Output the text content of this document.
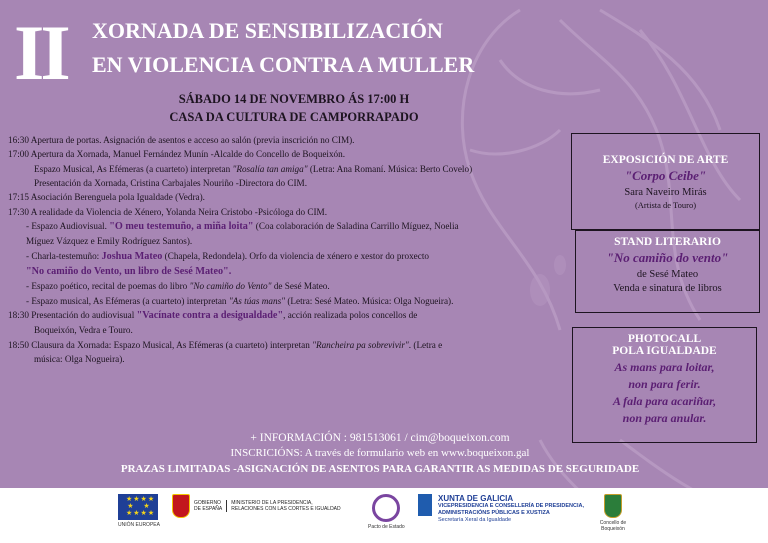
II XORNADA DE SENSIBILIZACIÓN
EN VIOLENCIA CONTRA A MULLER
SÁBADO 14 DE NOVEMBRO ÁS 17:00 H
CASA DA CULTURA DE CAMPORRAPADO
16:30 Apertura de portas. Asignación de asentos e acceso ao salón (previa inscrición no CIM).
17:00 Apertura da Xornada, Manuel Fernández Munín -Alcalde do Concello de Boqueixón.
Espazo Musical, As Efémeras (a cuarteto) interpretan "Rosalía tan amiga" (Letra: Ana Romaní. Música: Berto Covelo)
Presentación da Xornada, Cristina Carbajales Nouriño -Directora do CIM.
17:15 Asociación Berenguela pola Igualdade (Vedra).
17:30 A realidade da Violencia de Xénero, Yolanda Neira Cristobo -Psicóloga do CIM.
- Espazo Audiovisual. "O meu testemuño, a miña loita" (Coa colaboración de Saladina Carrillo Míguez, Noelia
Míguez Vázquez e Emily Rodríguez Santos).
- Charla-testemuño: Joshua Mateo (Chapela, Redondela). Orfo da violencia de xénero e xestor do proxecto
"No camiño do Vento, un libro de Sesé Mateo".
- Espazo poético, recital de poemas do libro "No camiño do Vento" de Sesé Mateo.
- Espazo musical, As Efémeras (a cuarteto) interpretan "As túas mans" (Letra: Sesé Mateo. Música: Olga Nogueira).
18:30 Presentación do audiovisual "Vacínate contra a desigualdade", acción realizada polos concellos de
Boqueixón, Vedra e Touro.
18:50 Clausura da Xornada: Espazo Musical, As Efémeras (a cuarteto) interpretan "Rancheira pa sobrevivir". (Letra e
música: Olga Nogueira).
EXPOSICIÓN DE ARTE
"Corpo Ceibe"
Sara Naveiro Mirás
(Artista de Touro)
STAND LITERARIO
"No camiño do vento"
de Sesé Mateo
Venda e sinatura de libros
PHOTOCALL
POLA IGUALDADE
As mans para loitar,
non para ferir.
A fala para acariñar,
non para anular.
+ INFORMACIÓN : 981513061 / cim@boqueixon.com
INSCRICIÓNS: A través de formulario web en www.boqueixon.gal
PRAZAS LIMITADAS -ASIGNACIÓN DE ASENTOS PARA GARANTIR AS MEDIDAS DE SEGURIDADE
★★★★
★   ★
★★★★
UNIÓN EUROPEA
GOBIERNO
DE ESPAÑA
MINISTERIO DE LA PRESIDENCIA, RELACIONES CON LAS CORTES E IGUALDAD
Pacto de Estado
XUNTA DE GALICIA
VICEPRESIDENCIA E CONSELLERÍA DE PRESIDENCIA,
ADMINISTRACIÓNS PÚBLICAS E XUSTIZA
Secretaría Xeral da Igualdade
Concello de Boqueixón
